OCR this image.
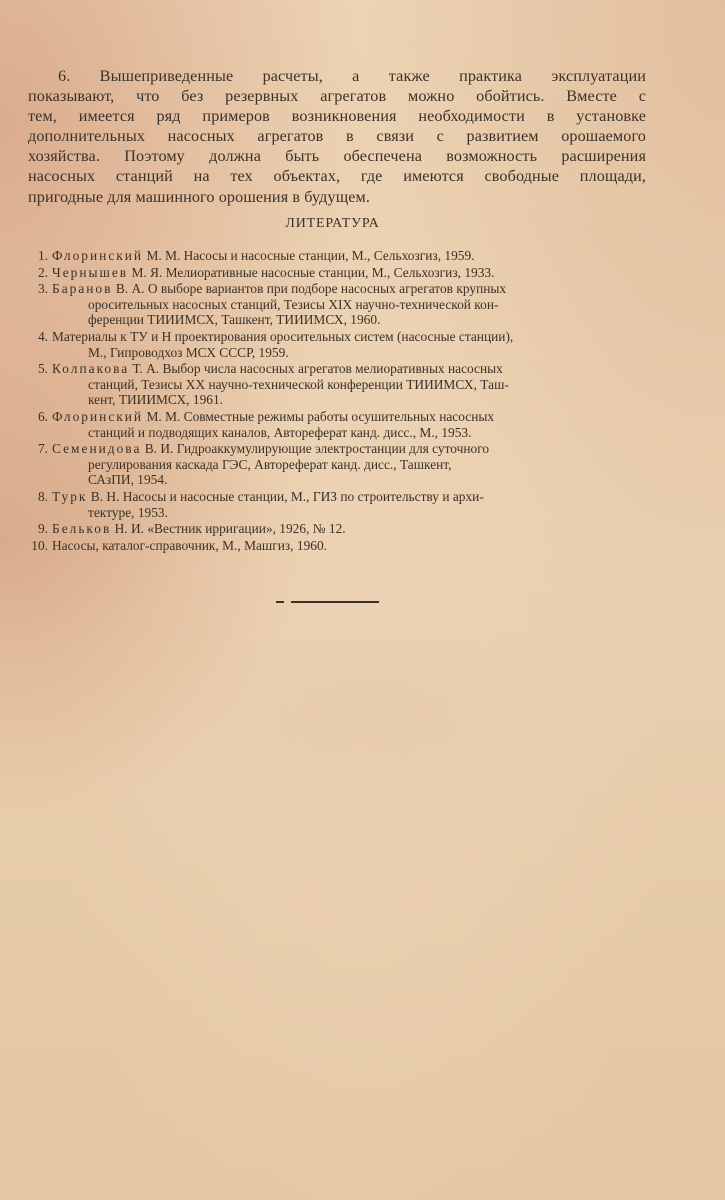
6. Вышеприведенные расчеты, а также практика эксплуатации
показывают, что без резервных агрегатов можно обойтись. Вместе с
тем, имеется ряд примеров возникновения необходимости в установке
дополнительных насосных агрегатов в связи с развитием орошаемого
хозяйства. Поэтому должна быть обеспечена возможность расширения
насосных станций на тех объектах, где имеются свободные площади,
пригодные для машинного орошения в будущем.
ЛИТЕРАТУРА
1. Флоринский М. М. Насосы и насосные станции, М., Сельхозгиз, 1959.
2. Чернышев М. Я. Мелиоративные насосные станции, М., Сельхозгиз, 1933.
3. Баранов В. А. О выборе вариантов при подборе насосных агрегатов крупных
оросительных насосных станций, Тезисы XIX научно-технической кон-
ференции ТИИИМСХ, Ташкент, ТИИИМСХ, 1960.
4. Материалы к ТУ и Н проектирования оросительных систем (насосные станции),
М., Гипроводхоз МСХ СССР, 1959.
5. Колпакова Т. А. Выбор числа насосных агрегатов мелиоративных насосных
станций, Тезисы XX научно-технической конференции ТИИИМСХ, Таш-
кент, ТИИИМСХ, 1961.
6. Флоринский М. М. Совместные режимы работы осушительных насосных
станций и подводящих каналов, Автореферат канд. дисс., М., 1953.
7. Семенидова В. И. Гидроаккумулирующие электростанции для суточного
регулирования каскада ГЭС, Автореферат канд. дисс., Ташкент,
САзПИ, 1954.
8. Турк В. Н. Насосы и насосные станции, М., ГИЗ по строительству и архи-
тектуре, 1953.
9. Бельков Н. И. «Вестник ирригации», 1926, № 12.
10. Насосы, каталог-справочник, М., Машгиз, 1960.
